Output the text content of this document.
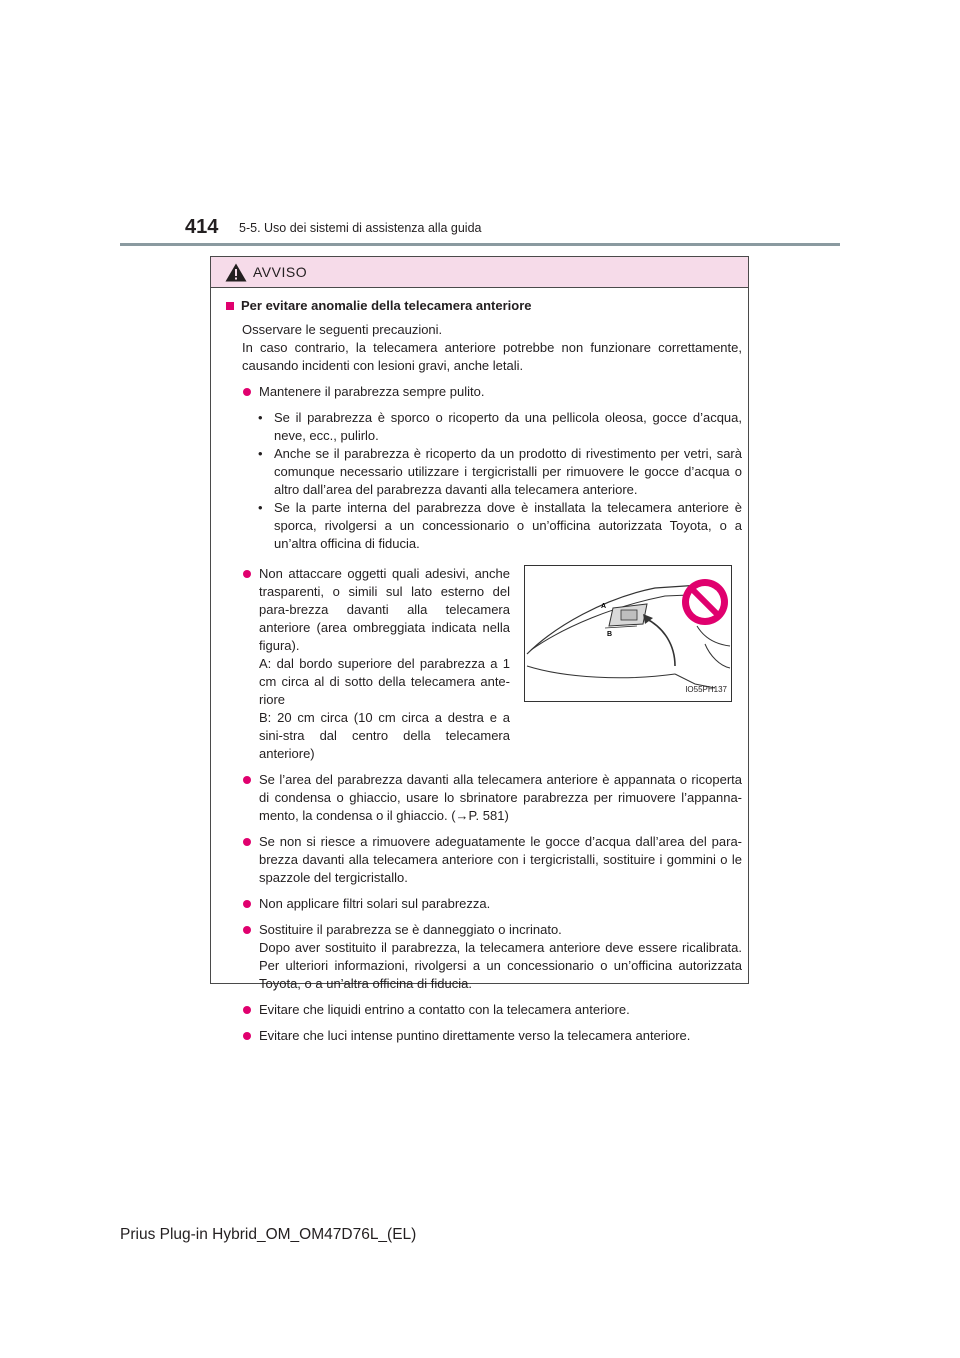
414 5-5. Uso dei sistemi di assistenza alla guida
AVVISO
Per evitare anomalie della telecamera anteriore
Osservare le seguenti precauzioni.
In caso contrario, la telecamera anteriore potrebbe non funzionare correttamente, causando incidenti con lesioni gravi, anche letali.
Mantenere il parabrezza sempre pulito.
• Se il parabrezza è sporco o ricoperto da una pellicola oleosa, gocce d’acqua, neve, ecc., pulirlo.
• Anche se il parabrezza è ricoperto da un prodotto di rivestimento per vetri, sarà comunque necessario utilizzare i tergicristalli per rimuovere le gocce d’acqua o altro dall’area del parabrezza davanti alla telecamera anteriore.
• Se la parte interna del parabrezza dove è installata la telecamera anteriore è sporca, rivolgersi a un concessionario o un’officina autorizzata Toyota, o a un’altra officina di fiducia.
Non attaccare oggetti quali adesivi, anche trasparenti, o simili sul lato esterno del para-brezza davanti alla telecamera anteriore (area ombreggiata indicata nella figura).
A: dal bordo superiore del parabrezza a 1 cm circa al di sotto della telecamera ante-riore
B: 20 cm circa (10 cm circa a destra e a sini-stra dal centro della telecamera anteriore)
A
B
IO55PH137
Se l’area del parabrezza davanti alla telecamera anteriore è appannata o ricoperta di condensa o ghiaccio, usare lo sbrinatore parabrezza per rimuovere l’appanna-mento, la condensa o il ghiaccio. (→P. 581)
Se non si riesce a rimuovere adeguatamente le gocce d’acqua dall’area del para-brezza davanti alla telecamera anteriore con i tergicristalli, sostituire i gommini o le spazzole del tergicristallo.
Non applicare filtri solari sul parabrezza.
Sostituire il parabrezza se è danneggiato o incrinato.
Dopo aver sostituito il parabrezza, la telecamera anteriore deve essere ricalibrata. Per ulteriori informazioni, rivolgersi a un concessionario o un’officina autorizzata Toyota, o a un’altra officina di fiducia.
Evitare che liquidi entrino a contatto con la telecamera anteriore.
Evitare che luci intense puntino direttamente verso la telecamera anteriore.
Prius Plug-in Hybrid_OM_OM47D76L_(EL)
